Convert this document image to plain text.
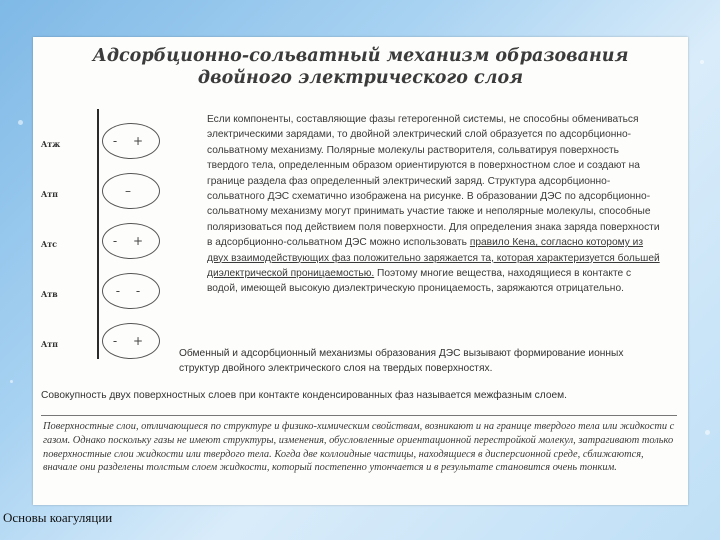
Адсорбционно-сольватный механизм образования
двойного электрического слоя
Aтж	- +
Aтп	–
Aтс	- +
Aтв	- -
Aтп	- +

Если компоненты, составляющие фазы гетерогенной системы, не способны обмениваться электрическими зарядами, то двойной электрический слой образуется по адсорбционно-сольватному механизму. Полярные молекулы растворителя, сольватируя поверхность твердого тела, определенным образом ориентируются в поверхностном слое и создают на границе раздела фаз определенный электрический заряд. Структура адсорбционно-сольватного ДЭС схематично изображена на рисунке. В образовании ДЭС по адсорбционно-сольватному механизму могут принимать участие также и неполярные молекулы, способные поляризоваться под действием поля поверхности. Для определения знака заряда поверхности в адсорбционно-сольватном ДЭС можно использовать правило Кена, согласно которому из двух взаимодействующих фаз положительно заряжается та, которая характеризуется большей диэлектрической проницаемостью. Поэтому многие вещества, находящиеся в контакте с водой, имеющей высокую диэлектрическую проницаемость, заряжаются отрицательно.

Обменный и адсорбционный механизмы образования ДЭС вызывают формирование ионных структур двойного электрического слоя на твердых поверхностях.

Совокупность двух поверхностных слоев при контакте конденсированных фаз называется межфазным слоем.

Поверхностные слои, отличающиеся по структуре и физико-химическим свойствам, возникают и на границе твердого тела или жидкости с газом. Однако поскольку газы не имеют структуры, изменения, обусловленные ориентационной перестройкой молекул, затрагивают только поверхностные слои жидкости или твердого тела. Когда две коллоидные частицы, находящиеся в дисперсионной среде, сближаются, вначале они разделены толстым слоем жидкости, который постепенно утончается и в результате становится очень тонким.

Основы коагуляции
